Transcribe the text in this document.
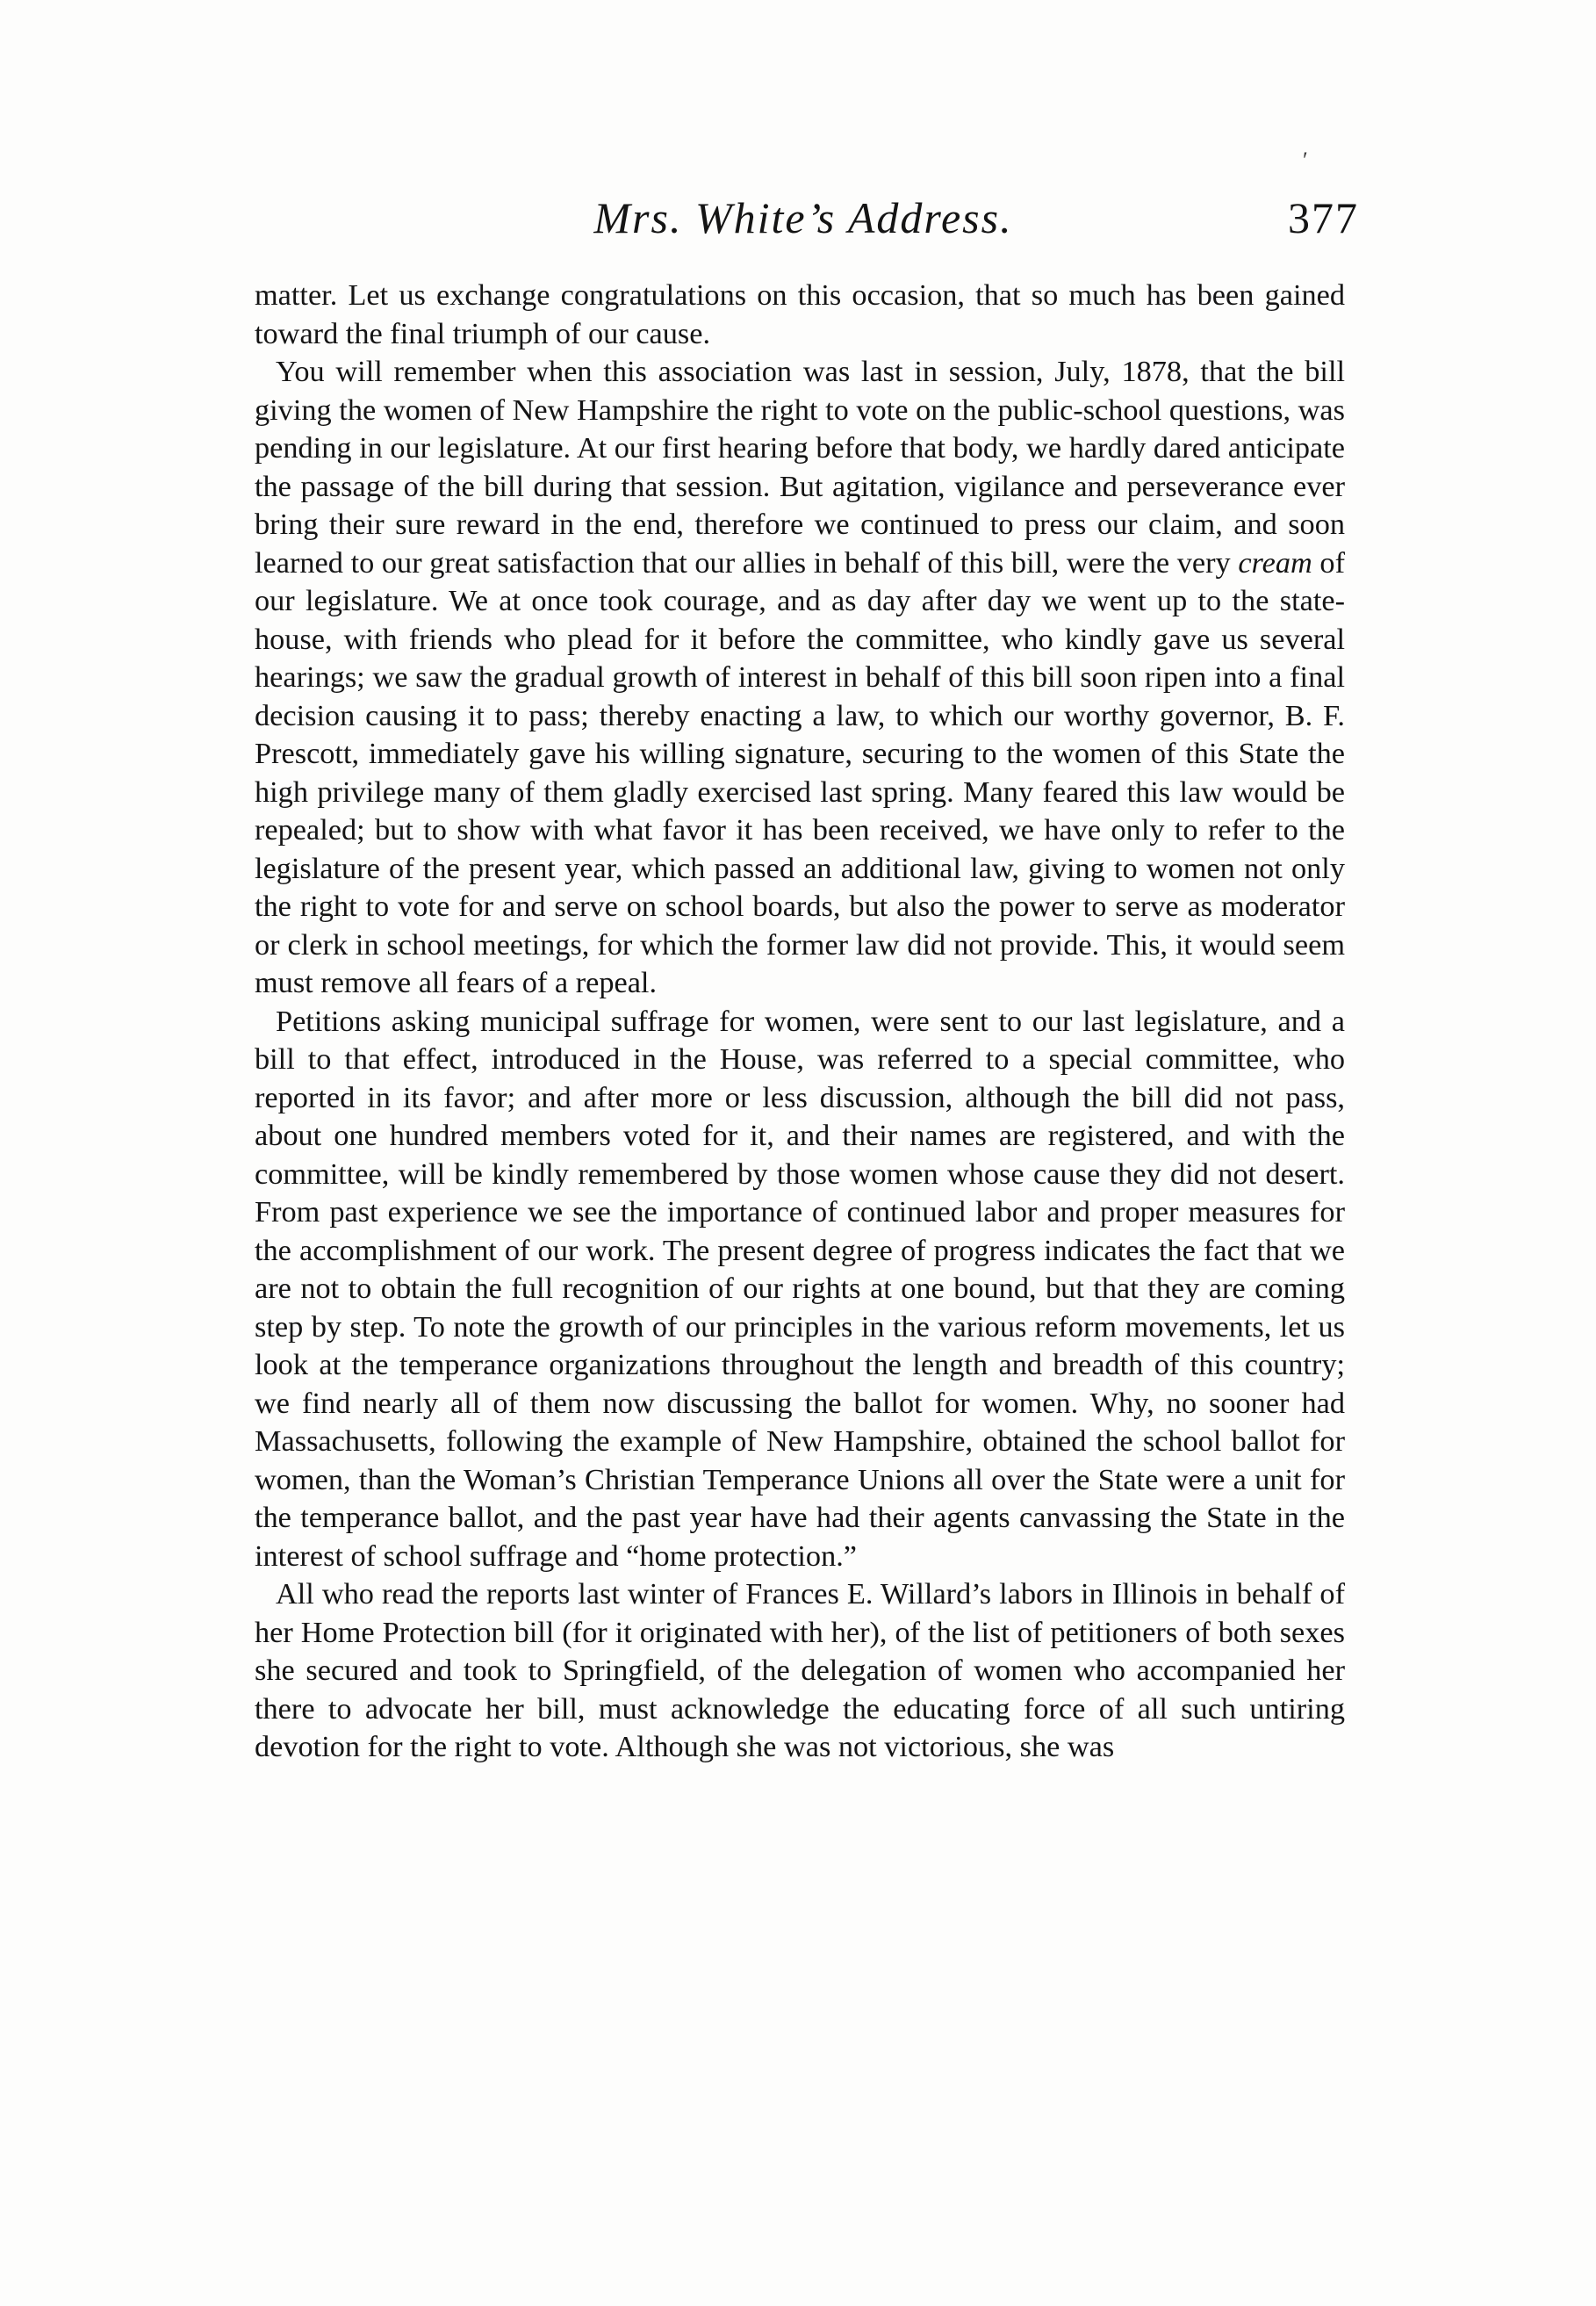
′
Mrs. White’s Address.	377

matter. Let us exchange congratulations on this occasion, that so much has been gained toward the final triumph of our cause.

You will remember when this association was last in session, July, 1878, that the bill giving the women of New Hampshire the right to vote on the public-school questions, was pending in our legislature. At our first hearing before that body, we hardly dared anticipate the passage of the bill during that session. But agitation, vigilance and perseverance ever bring their sure reward in the end, therefore we continued to press our claim, and soon learned to our great satisfaction that our allies in behalf of this bill, were the very cream of our legislature. We at once took courage, and as day after day we went up to the state-house, with friends who plead for it before the committee, who kindly gave us several hearings; we saw the gradual growth of interest in behalf of this bill soon ripen into a final decision causing it to pass; thereby enacting a law, to which our worthy governor, B. F. Prescott, immediately gave his willing signature, securing to the women of this State the high privilege many of them gladly exercised last spring. Many feared this law would be repealed; but to show with what favor it has been received, we have only to refer to the legislature of the present year, which passed an additional law, giving to women not only the right to vote for and serve on school boards, but also the power to serve as moderator or clerk in school meetings, for which the former law did not provide. This, it would seem must remove all fears of a repeal.

Petitions asking municipal suffrage for women, were sent to our last legislature, and a bill to that effect, introduced in the House, was referred to a special committee, who reported in its favor; and after more or less discussion, although the bill did not pass, about one hundred members voted for it, and their names are registered, and with the committee, will be kindly remembered by those women whose cause they did not desert. From past experience we see the importance of continued labor and proper measures for the accomplishment of our work. The present degree of progress indicates the fact that we are not to obtain the full recognition of our rights at one bound, but that they are coming step by step. To note the growth of our principles in the various reform movements, let us look at the temperance organizations throughout the length and breadth of this country; we find nearly all of them now discussing the ballot for women. Why, no sooner had Massachusetts, following the example of New Hampshire, obtained the school ballot for women, than the Woman’s Christian Temperance Unions all over the State were a unit for the temperance ballot, and the past year have had their agents canvassing the State in the interest of school suffrage and “home protection.”

All who read the reports last winter of Frances E. Willard’s labors in Illinois in behalf of her Home Protection bill (for it originated with her), of the list of petitioners of both sexes she secured and took to Springfield, of the delegation of women who accompanied her there to advocate her bill, must acknowledge the educating force of all such untiring devotion for the right to vote. Although she was not victorious, she was
